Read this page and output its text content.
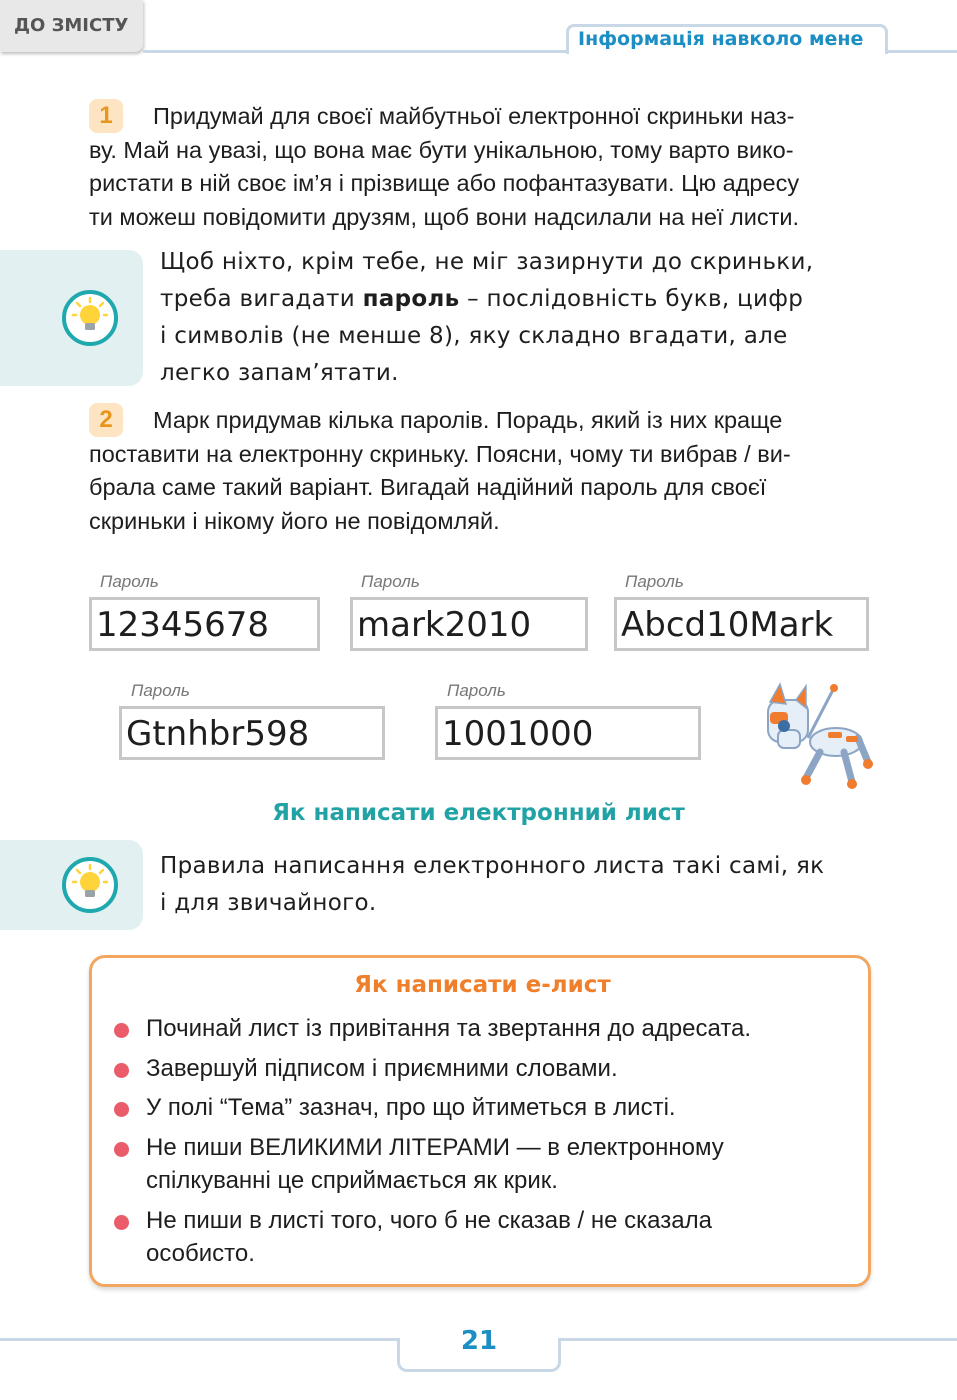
ДО ЗМІСТУ
Інформація навколо мене
1	Придумай для своєї майбутньої електронної скриньки наз-
ву. Май на увазі, що вона має бути унікальною, тому варто вико-
ристати в ній своє ім’я і прізвище або пофантазувати. Цю адресу
ти можеш повідомити друзям, щоб вони надсилали на неї листи.
Щоб ніхто, крім тебе, не міг зазирнути до скриньки,
треба вигадати пароль – послідовність букв, цифр
і символів (не менше 8), яку складно вгадати, але
легко запам’ятати.
2	Марк придумав кілька паролів. Порадь, який із них краще
поставити на електронну скриньку. Поясни, чому ти вибрав / ви-
брала саме такий варіант. Вигадай надійний пароль для своєї
скриньки і нікому його не повідомляй.
Пароль
12345678
Пароль
mark2010
Пароль
Abcd10Mark
Пароль
Gtnhbr598
Пароль
1001000
Як написати електронний лист
Правила написання електронного листа такі самі, як
і для звичайного.
Як написати е-лист
Починай лист із привітання та звертання до адресата.
Завершуй підписом і приємними словами.
У полі “Тема” зазнач, про що йтиметься в листі.
Не пиши ВЕЛИКИМИ ЛІТЕРАМИ — в електронному
спілкуванні це сприймається як крик.
Не пиши в листі того, чого б не сказав / не сказала
особисто.
21
